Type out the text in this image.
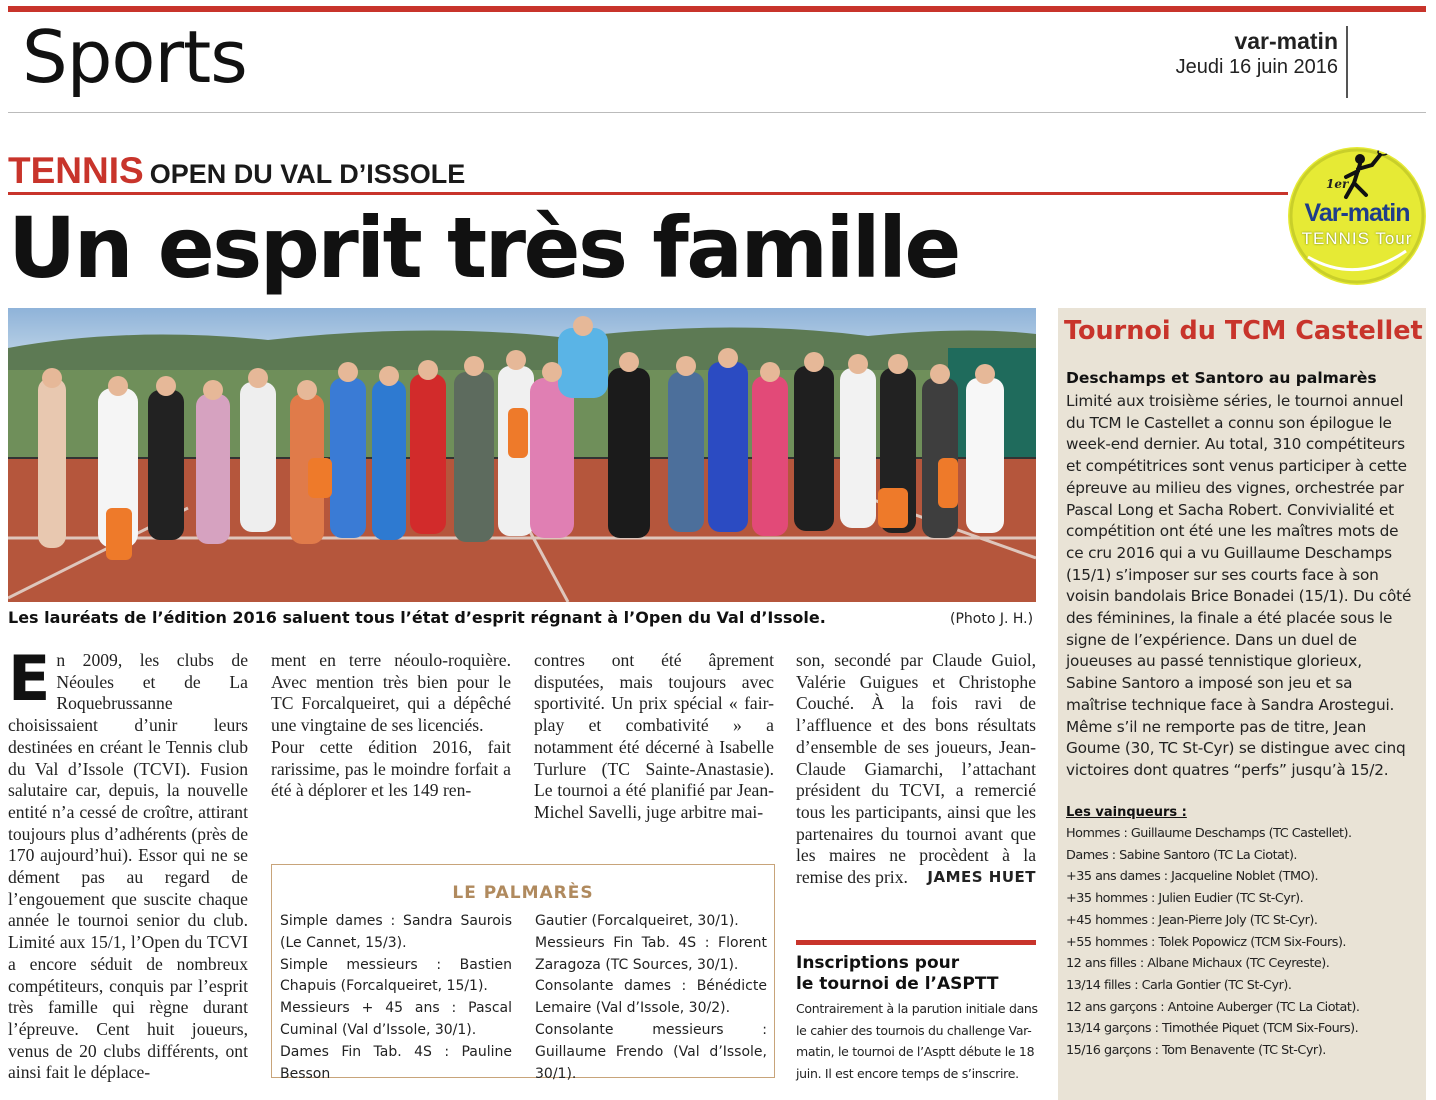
Sports	var-matin
Jeudi 16 juin 2016
TENNIS OPEN DU VAL D’ISSOLE
Un esprit très famille
1er
Var-matin
TENNIS Tour
Les lauréats de l’édition 2016 saluent tous l’état d’esprit régnant à l’Open du Val d’Issole.	(Photo J. H.)
E n 2009, les clubs de Néoules et de La Roquebrussanne choisissaient d’unir leurs destinées en créant le Tennis club du Val d’Issole (TCVI). Fusion salutaire car, depuis, la nouvelle entité n’a cessé de croître, attirant toujours plus d’adhérents (près de 170 aujourd’hui). Essor qui ne se dément pas au regard de l’engouement que suscite chaque année le tournoi senior du club. Limité aux 15/1, l’Open du TCVI a encore séduit de nombreux compétiteurs, conquis par l’esprit très famille qui règne durant l’épreuve. Cent huit joueurs, venus de 20 clubs différents, ont ainsi fait le déplace-

ment en terre néoulo-roquière. Avec mention très bien pour le TC Forcalqueiret, qui a dépêché une vingtaine de ses licenciés.

Pour cette édition 2016, fait rarissime, pas le moindre forfait a été à déplorer et les 149 ren-

contres ont été âprement disputées, mais toujours avec sportivité. Un prix spécial « fair-play et combativité » a notamment été décerné à Isabelle Turlure (TC Sainte-Anastasie). Le tournoi a été planifié par Jean-Michel Savelli, juge arbitre mai-

son, secondé par Claude Guiol, Valérie Guigues et Christophe Couché. À la fois ravi de l’affluence et des bons résultats d’ensemble de ses joueurs, Jean-Claude Giamarchi, l’attachant président du TCVI, a remercié tous les participants, ainsi que les partenaires du tournoi avant que les maires ne procèdent à la remise des prix. JAMES HUET

LE PALMARÈS

Simple dames : Sandra Saurois (Le Cannet, 15/3).

Simple messieurs : Bastien Chapuis (Forcalqueiret, 15/1).

Messieurs + 45 ans : Pascal Cuminal (Val d’Issole, 30/1).

Dames Fin Tab. 4S : Pauline Besson

Gautier (Forcalqueiret, 30/1).

Messieurs Fin Tab. 4S : Florent Zaragoza (TC Sources, 30/1).

Consolante dames : Bénédicte Lemaire (Val d’Issole, 30/2).

Consolante messieurs : Guillaume Frendo (Val d’Issole, 30/1).

Inscriptions pour
le tournoi de l’ASPTT
Contrairement à la parution initiale dans le cahier des tournois du challenge Var-matin, le tournoi de l’Asptt débute le 18 juin. Il est encore temps de s’inscrire.
Tournoi du TCM Castellet
Deschamps et Santoro au palmarès

Limité aux troisième séries, le tournoi annuel du TCM le Castellet a connu son épilogue le week-end dernier. Au total, 310 compétiteurs et compétitrices sont venus participer à cette épreuve au milieu des vignes, orchestrée par Pascal Long et Sacha Robert. Convivialité et compétition ont été une les maîtres mots de ce cru 2016 qui a vu Guillaume Deschamps (15/1) s’imposer sur ses courts face à son voisin bandolais Brice Bonadei (15/1). Du côté des féminines, la finale a été placée sous le signe de l’expérience. Dans un duel de joueuses au passé tennistique glorieux, Sabine Santoro a imposé son jeu et sa maîtrise technique face à Sandra Arostegui. Même s’il ne remporte pas de titre, Jean Goume (30, TC St-Cyr) se distingue avec cinq victoires dont quatres “perfs” jusqu’à 15/2.

Les vainqueurs :
Hommes : Guillaume Deschamps (TC Castellet).
Dames : Sabine Santoro (TC La Ciotat).
+35 ans dames : Jacqueline Noblet (TMO).
+35 hommes : Julien Eudier (TC St-Cyr).
+45 hommes : Jean-Pierre Joly (TC St-Cyr).
+55 hommes : Tolek Popowicz (TCM Six-Fours).
12 ans filles : Albane Michaux (TC Ceyreste).
13/14 filles : Carla Gontier (TC St-Cyr).
12 ans garçons : Antoine Auberger (TC La Ciotat).
13/14 garçons : Timothée Piquet (TCM Six-Fours).
15/16 garçons : Tom Benavente (TC St-Cyr).
